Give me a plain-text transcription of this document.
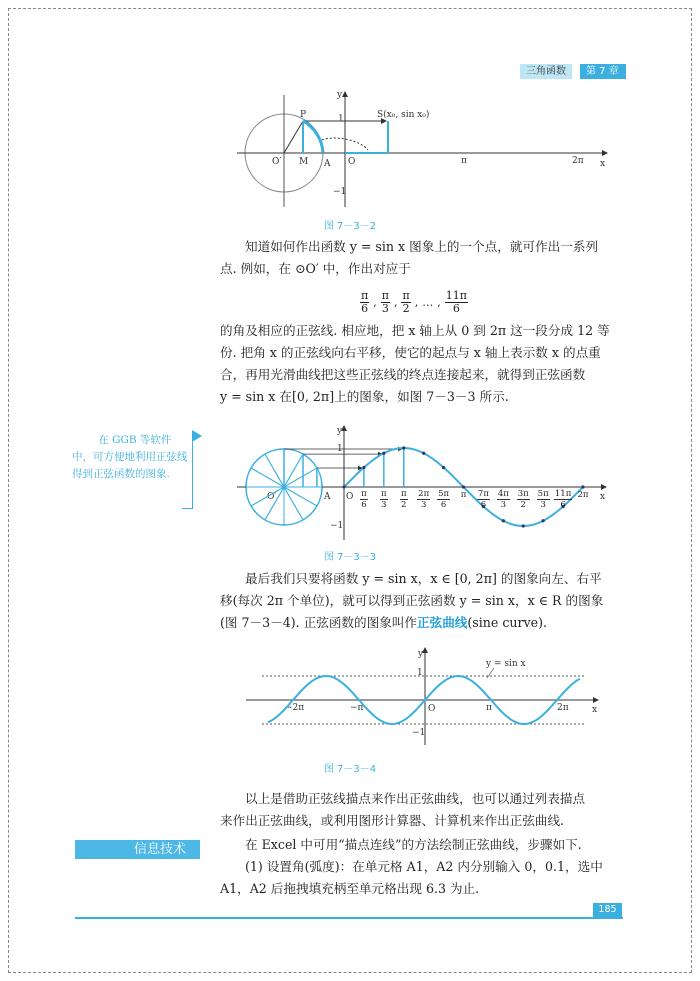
三角函数	第 7 章
P
y
1	S(x₀, sin x₀)
O′ M A O	π	2π x
−1
y
1
−1
O′	A O	x
y
1
−1
O
y = sin x
−2π	−π	π	2π	x
图 7－3－2
知道如何作出函数 y = sin x 图象上的一个点，就可作出一系列
点. 例如，在 ⊙O′ 中，作出对应于
π
6 ,
π
3 ,
π
2 , … ,
11π
6
的角及相应的正弦线. 相应地，把 x 轴上从 0 到 2π 这一段分成 12 等
份. 把角 x 的正弦线向右平移，使它的起点与 x 轴上表示数 x 的点重
合，再用光滑曲线把这些正弦线的终点连接起来，就得到正弦函数
y = sin x 在[0, 2π]上的图象，如图 7－3－3 所示.
在 GGB 等软件中，可方便地利用正弦线得到正弦函数的图象.
π
6
π
3
π
2
2π
3
5π
6
π	7π
6
4π
3
3π
2
5π
3
11π
6
2π
图 7－3－3
最后我们只要将函数 y = sin x，x ∈ [0, 2π] 的图象向左、右平
移(每次 2π 个单位)，就可以得到正弦函数 y = sin x，x ∈ R 的图象
(图 7－3－4). 正弦函数的图象叫作正弦曲线(sine curve).
图 7－3－4
以上是借助正弦线描点来作出正弦曲线，也可以通过列表描点
来作出正弦曲线，或利用图形计算器、计算机来作出正弦曲线.
信息技术	在 Excel 中可用“描点连线”的方法绘制正弦曲线，步骤如下.
(1) 设置角(弧度)：在单元格 A1，A2 内分别输入 0，0.1，选中
A1，A2 后拖拽填充柄至单元格出现 6.3 为止.
185
